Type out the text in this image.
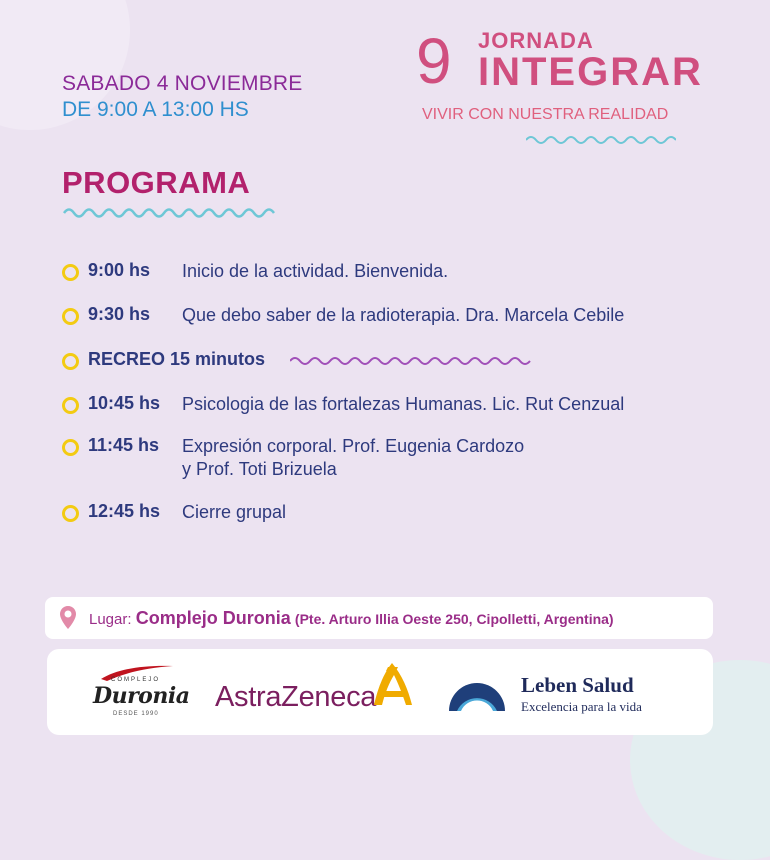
SABADO 4 NOVIEMBRE
DE 9:00 A 13:00 HS
9 JORNADA
INTEGRAR
VIVIR CON NUESTRA REALIDAD
PROGRAMA
9:00 hs Inicio de la actividad. Bienvenida.
9:30 hs Que debo saber de la radioterapia. Dra. Marcela Cebile
RECREO 15 minutos
10:45 hs Psicologia de las fortalezas Humanas. Lic. Rut Cenzual
11:45 hs Expresión corporal. Prof. Eugenia Cardozo
y Prof. Toti Brizuela
12:45 hs Cierre grupal
Lugar: Complejo Duronia (Pte. Arturo Illia Oeste 250, Cipolletti, Argentina)
COMPLEJO
Duronia
DESDE 1990
AstraZeneca	Leben Salud
Excelencia para la vida
